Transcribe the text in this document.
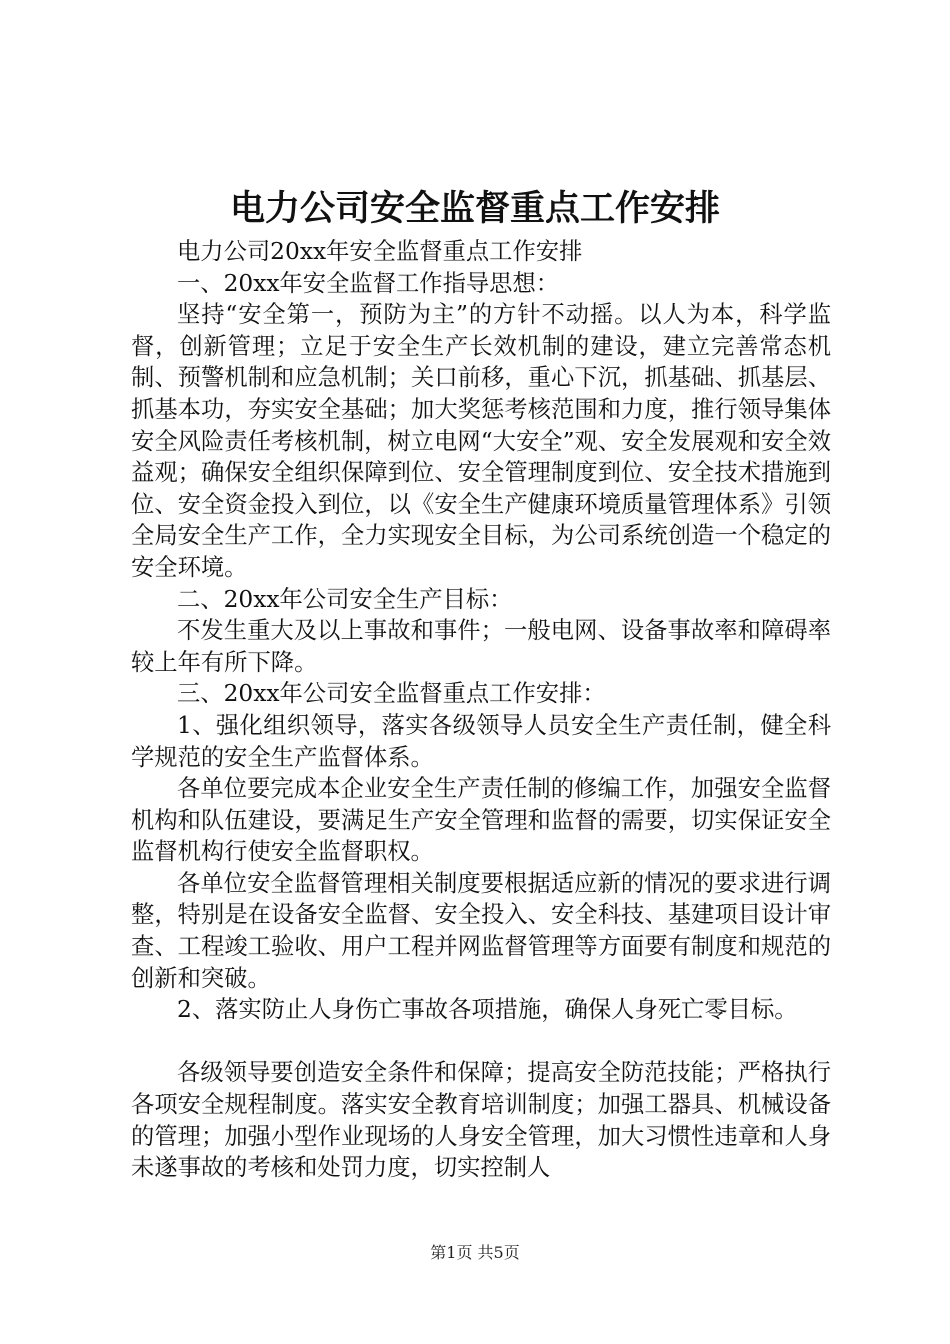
电力公司安全监督重点工作安排

电力公司20xx年安全监督重点工作安排

一、20xx年安全监督工作指导思想：

坚持“安全第一，预防为主”的方针不动摇。以人为本，科学监督，创新管理；立足于安全生产长效机制的建设，建立完善常态机制、预警机制和应急机制；关口前移，重心下沉，抓基础、抓基层、抓基本功，夯实安全基础；加大奖惩考核范围和力度，推行领导集体安全风险责任考核机制，树立电网“大安全”观、安全发展观和安全效益观；确保安全组织保障到位、安全管理制度到位、安全技术措施到位、安全资金投入到位，以《安全生产健康环境质量管理体系》引领全局安全生产工作，全力实现安全目标，为公司系统创造一个稳定的安全环境。

二、20xx年公司安全生产目标：

不发生重大及以上事故和事件；一般电网、设备事故率和障碍率较上年有所下降。

三、20xx年公司安全监督重点工作安排：

1、强化组织领导，落实各级领导人员安全生产责任制，健全科学规范的安全生产监督体系。

各单位要完成本企业安全生产责任制的修编工作，加强安全监督机构和队伍建设，要满足生产安全管理和监督的需要，切实保证安全监督机构行使安全监督职权。

各单位安全监督管理相关制度要根据适应新的情况的要求进行调整，特别是在设备安全监督、安全投入、安全科技、基建项目设计审查、工程竣工验收、用户工程并网监督管理等方面要有制度和规范的创新和突破。

2、落实防止人身伤亡事故各项措施，确保人身死亡零目标。

各级领导要创造安全条件和保障；提高安全防范技能；严格执行各项安全规程制度。落实安全教育培训制度；加强工器具、机械设备的管理；加强小型作业现场的人身安全管理，加大习惯性违章和人身未遂事故的考核和处罚力度，切实控制人

第1页 共5页
